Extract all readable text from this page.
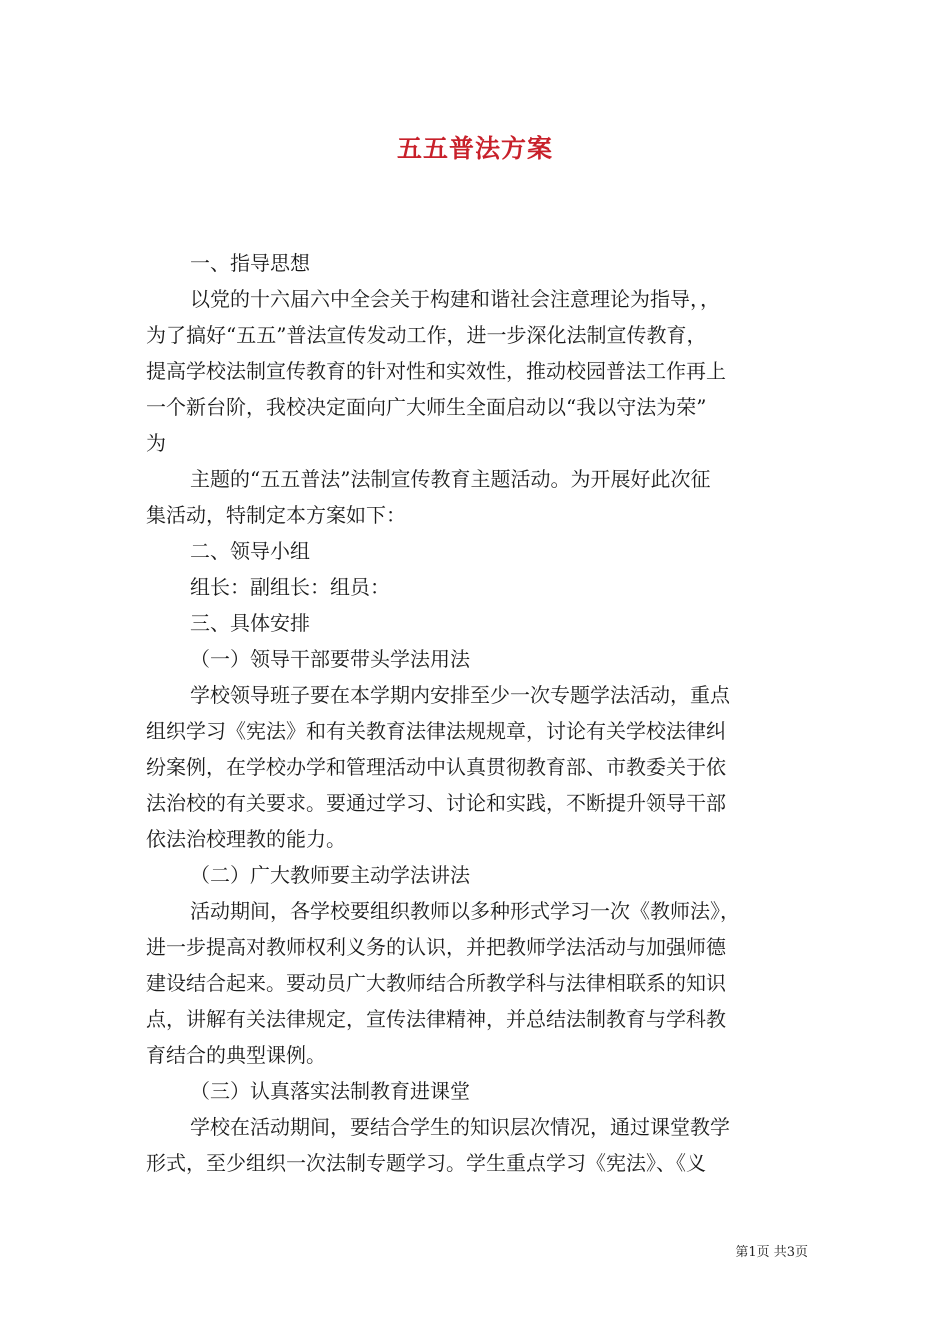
五五普法方案

一、指导思想

以党的十六届六中全会关于构建和谐社会注意理论为指导，，

为了搞好“五五”普法宣传发动工作，进一步深化法制宣传教育，

提高学校法制宣传教育的针对性和实效性，推动校园普法工作再上

一个新台阶，我校决定面向广大师生全面启动以“我以守法为荣”

为

主题的“五五普法”法制宣传教育主题活动。为开展好此次征

集活动，特制定本方案如下：

二、领导小组

组长：副组长：组员：

三、具体安排

（一）领导干部要带头学法用法

学校领导班子要在本学期内安排至少一次专题学法活动，重点

组织学习《宪法》和有关教育法律法规规章，讨论有关学校法律纠

纷案例，在学校办学和管理活动中认真贯彻教育部、市教委关于依

法治校的有关要求。要通过学习、讨论和实践，不断提升领导干部

依法治校理教的能力。

（二）广大教师要主动学法讲法

活动期间，各学校要组织教师以多种形式学习一次《教师法》，

进一步提高对教师权利义务的认识，并把教师学法活动与加强师德

建设结合起来。要动员广大教师结合所教学科与法律相联系的知识

点，讲解有关法律规定，宣传法律精神，并总结法制教育与学科教

育结合的典型课例。

（三）认真落实法制教育进课堂

学校在活动期间，要结合学生的知识层次情况，通过课堂教学

形式，至少组织一次法制专题学习。学生重点学习《宪法》、《义

第1页 共3页
